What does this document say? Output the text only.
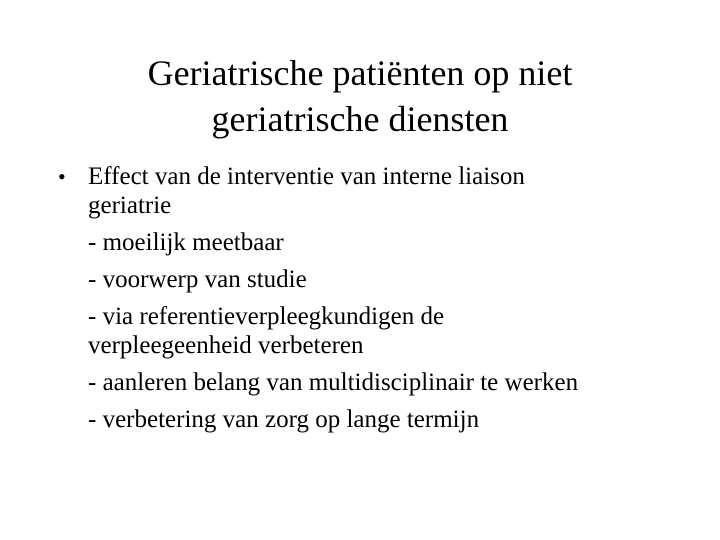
Geriatrische patiënten op niet
geriatrische diensten
• Effect van de interventie van interne liaison
geriatrie
- moeilijk meetbaar
- voorwerp van studie
- via referentieverpleegkundigen de
verpleegeenheid verbeteren
- aanleren belang van multidisciplinair te werken
- verbetering van zorg op lange termijn
